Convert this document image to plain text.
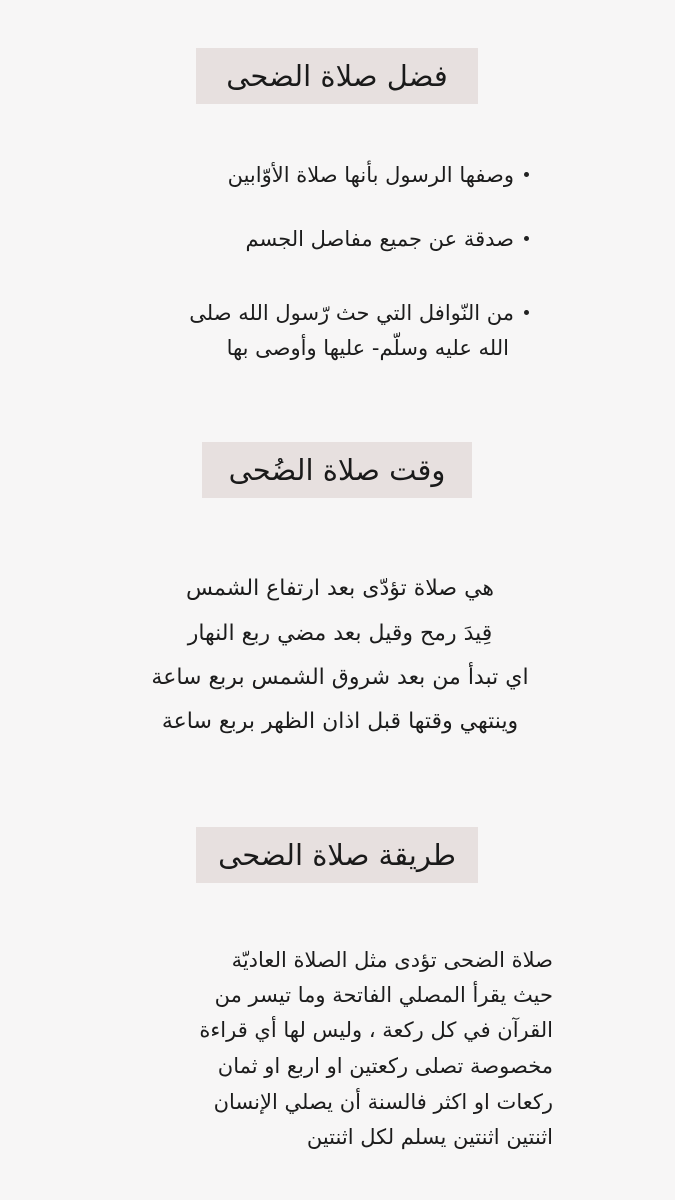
فضل صلاة الضحى
وصفها الرسول بأنها صلاة الأوّابين
صدقة عن جميع مفاصل الجسم
من النّوافل التي حث رّسول الله صلى
الله عليه وسلّم- عليها وأوصى بها
وقت صلاة الضُحى
هي صلاة تؤدّى بعد ارتفاع الشمس
قِيدَ رمح وقيل بعد مضي ربع النهار
اي تبدأ من بعد شروق الشمس بربع ساعة
وينتهي وقتها قبل اذان الظهر بربع ساعة
طريقة صلاة الضحى
صلاة الضحى تؤدى مثل الصلاة العاديّة
حيث يقرأ المصلي الفاتحة وما تيسر من
القرآن في كل ركعة ، وليس لها أي قراءة
مخصوصة تصلى ركعتين او اربع او ثمان
ركعات او اكثر فالسنة أن يصلي الإنسان
اثنتين اثنتين يسلم لكل اثنتين
